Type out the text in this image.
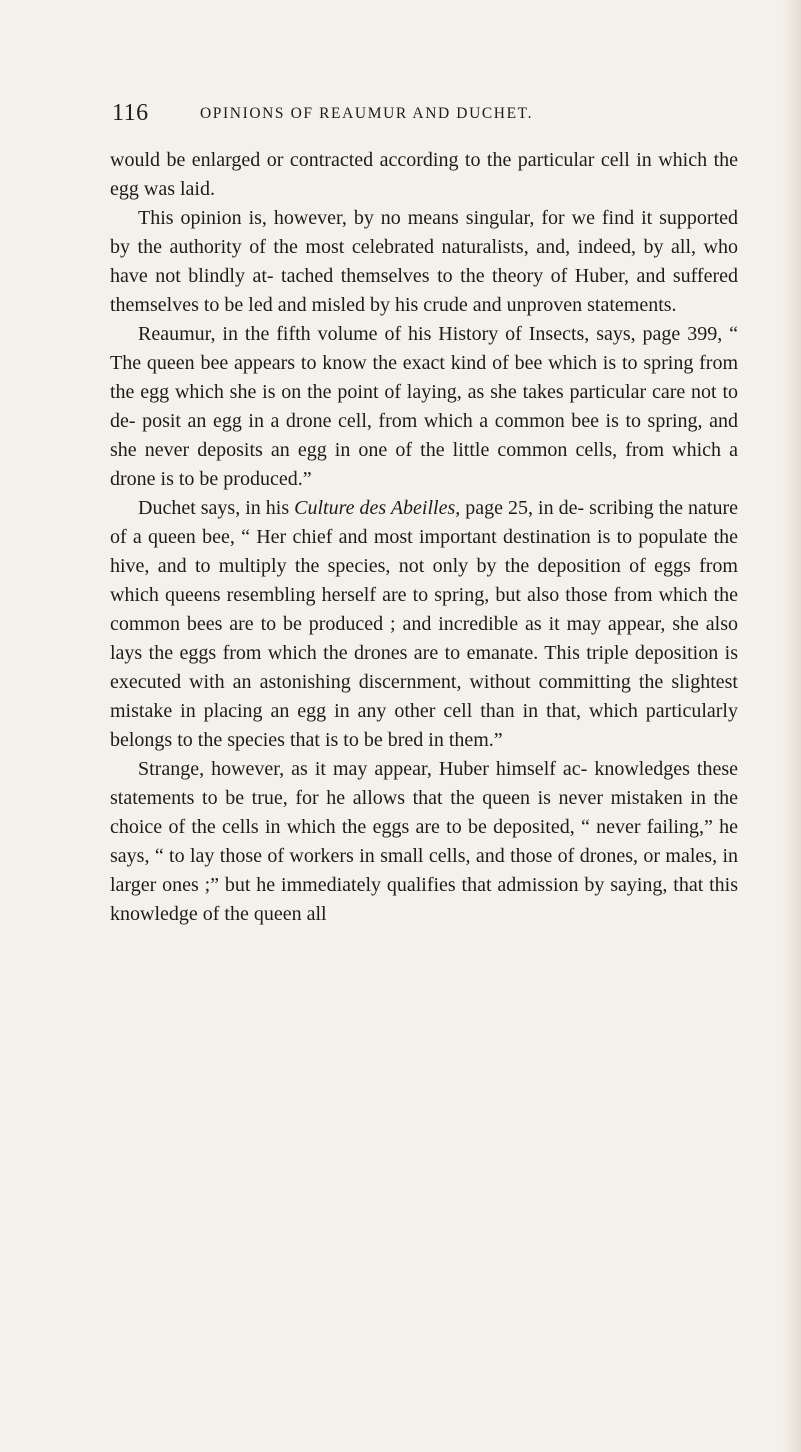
116	OPINIONS OF REAUMUR AND DUCHET.

would be enlarged or contracted according to the particular cell in which the egg was laid.

This opinion is, however, by no means singular, for we find it supported by the authority of the most celebrated naturalists, and, indeed, by all, who have not blindly at- tached themselves to the theory of Huber, and suffered themselves to be led and misled by his crude and unproven statements.

Reaumur, in the fifth volume of his History of Insects, says, page 399, “ The queen bee appears to know the exact kind of bee which is to spring from the egg which she is on the point of laying, as she takes particular care not to de- posit an egg in a drone cell, from which a common bee is to spring, and she never deposits an egg in one of the little common cells, from which a drone is to be produced.”

Duchet says, in his Culture des Abeilles, page 25, in de- scribing the nature of a queen bee, “ Her chief and most important destination is to populate the hive, and to multiply the species, not only by the deposition of eggs from which queens resembling herself are to spring, but also those from which the common bees are to be produced ; and incredible as it may appear, she also lays the eggs from which the drones are to emanate. This triple deposition is executed with an astonishing discernment, without committing the slightest mistake in placing an egg in any other cell than in that, which particularly belongs to the species that is to be bred in them.”

Strange, however, as it may appear, Huber himself ac- knowledges these statements to be true, for he allows that the queen is never mistaken in the choice of the cells in which the eggs are to be deposited, “ never failing,” he says, “ to lay those of workers in small cells, and those of drones, or males, in larger ones ;” but he immediately qualifies that admission by saying, that this knowledge of the queen all
